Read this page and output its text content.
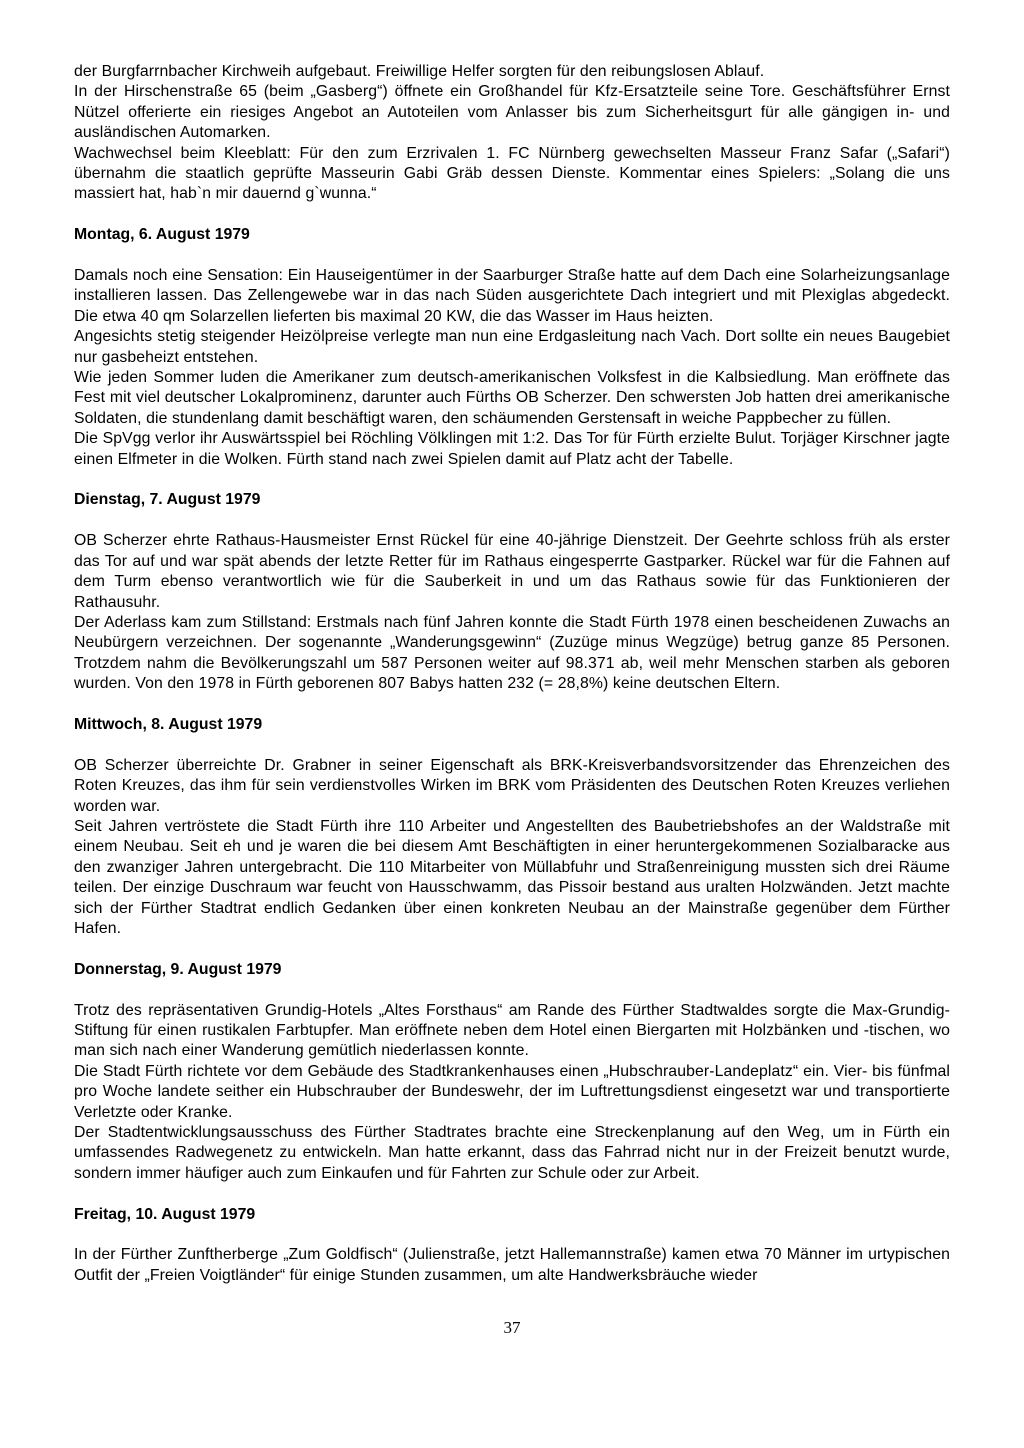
der Burgfarrnbacher Kirchweih aufgebaut. Freiwillige Helfer sorgten für den reibungslosen Ablauf.

In der Hirschenstraße 65 (beim „Gasberg“) öffnete ein Großhandel für Kfz-Ersatzteile seine Tore. Geschäftsführer Ernst Nützel offerierte ein riesiges Angebot an Autoteilen vom Anlasser bis zum Sicherheitsgurt für alle gängigen in- und ausländischen Automarken.

Wachwechsel beim Kleeblatt: Für den zum Erzrivalen 1. FC Nürnberg gewechselten Masseur Franz Safar („Safari“) übernahm die staatlich geprüfte Masseurin Gabi Gräb dessen Dienste. Kommentar eines Spielers: „Solang die uns massiert hat, hab`n mir dauernd g`wunna.“

Montag, 6. August 1979

Damals noch eine Sensation: Ein Hauseigentümer in der Saarburger Straße hatte auf dem Dach eine Solarheizungsanlage installieren lassen. Das Zellengewebe war in das nach Süden ausgerichtete Dach integriert und mit Plexiglas abgedeckt. Die etwa 40 qm Solarzellen lieferten bis maximal 20 KW, die das Wasser im Haus heizten.

Angesichts stetig steigender Heizölpreise verlegte man nun eine Erdgasleitung nach Vach. Dort sollte ein neues Baugebiet nur gasbeheizt entstehen.

Wie jeden Sommer luden die Amerikaner zum deutsch-amerikanischen Volksfest in die Kalbsiedlung. Man eröffnete das Fest mit viel deutscher Lokalprominenz, darunter auch Fürths OB Scherzer. Den schwersten Job hatten drei amerikanische Soldaten, die stundenlang damit beschäftigt waren, den schäumenden Gerstensaft in weiche Pappbecher zu füllen.

Die SpVgg verlor ihr Auswärtsspiel bei Röchling Völklingen mit 1:2. Das Tor für Fürth erzielte Bulut. Torjäger Kirschner jagte einen Elfmeter in die Wolken. Fürth stand nach zwei Spielen damit auf Platz acht der Tabelle.

Dienstag, 7. August 1979

OB Scherzer ehrte Rathaus-Hausmeister Ernst Rückel für eine 40-jährige Dienstzeit. Der Geehrte schloss früh als erster das Tor auf und war spät abends der letzte Retter für im Rathaus eingesperrte Gastparker. Rückel war für die Fahnen auf dem Turm ebenso verantwortlich wie für die Sauberkeit in und um das Rathaus sowie für das Funktionieren der Rathausuhr.

Der Aderlass kam zum Stillstand: Erstmals nach fünf Jahren konnte die Stadt Fürth 1978 einen bescheidenen Zuwachs an Neubürgern verzeichnen. Der sogenannte „Wanderungsgewinn“ (Zuzüge minus Wegzüge) betrug ganze 85 Personen. Trotzdem nahm die Bevölkerungszahl um 587 Personen weiter auf 98.371 ab, weil mehr Menschen starben als geboren wurden. Von den 1978 in Fürth geborenen 807 Babys hatten 232 (= 28,8%) keine deutschen Eltern.

Mittwoch, 8. August 1979

OB Scherzer überreichte Dr. Grabner in seiner Eigenschaft als BRK-Kreisverbandsvorsitzender das Ehrenzeichen des Roten Kreuzes, das ihm für sein verdienstvolles Wirken im BRK vom Präsidenten des Deutschen Roten Kreuzes verliehen worden war.

Seit Jahren vertröstete die Stadt Fürth ihre 110 Arbeiter und Angestellten des Baubetriebshofes an der Waldstraße mit einem Neubau. Seit eh und je waren die bei diesem Amt Beschäftigten in einer heruntergekommenen Sozialbaracke aus den zwanziger Jahren untergebracht. Die 110 Mitarbeiter von Müllabfuhr und Straßenreinigung mussten sich drei Räume teilen. Der einzige Duschraum war feucht von Hausschwamm, das Pissoir bestand aus uralten Holzwänden. Jetzt machte sich der Fürther Stadtrat endlich Gedanken über einen konkreten Neubau an der Mainstraße gegenüber dem Fürther Hafen.

Donnerstag, 9. August 1979

Trotz des repräsentativen Grundig-Hotels „Altes Forsthaus“ am Rande des Fürther Stadtwaldes sorgte die Max-Grundig-Stiftung für einen rustikalen Farbtupfer. Man eröffnete neben dem Hotel einen Biergarten mit Holzbänken und -tischen, wo man sich nach einer Wanderung gemütlich niederlassen konnte.

Die Stadt Fürth richtete vor dem Gebäude des Stadtkrankenhauses einen „Hubschrauber-Landeplatz“ ein. Vier- bis fünfmal pro Woche landete seither ein Hubschrauber der Bundeswehr, der im Luftrettungsdienst eingesetzt war und transportierte Verletzte oder Kranke.

Der Stadtentwicklungsausschuss des Fürther Stadtrates brachte eine Streckenplanung auf den Weg, um in Fürth ein umfassendes Radwegenetz zu entwickeln. Man hatte erkannt, dass das Fahrrad nicht nur in der Freizeit benutzt wurde, sondern immer häufiger auch zum Einkaufen und für Fahrten zur Schule oder zur Arbeit.

Freitag, 10. August 1979

In der Fürther Zunftherberge „Zum Goldfisch“ (Julienstraße, jetzt Hallemannstraße) kamen etwa 70 Männer im urtypischen Outfit der „Freien Voigtländer“ für einige Stunden zusammen, um alte Handwerksbräuche wieder

37
